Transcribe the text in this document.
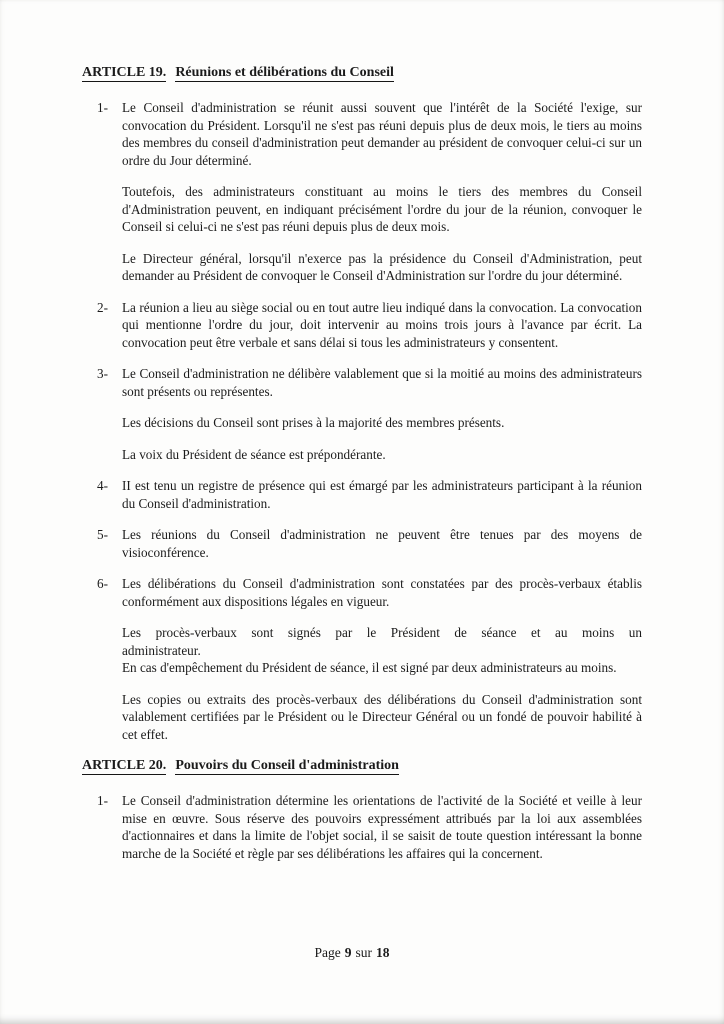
ARTICLE 19. Réunions et délibérations du Conseil
1-	Le Conseil d'administration se réunit aussi souvent que l'intérêt de la Société l'exige, sur convocation du Président. Lorsqu'il ne s'est pas réuni depuis plus de deux mois, le tiers au moins des membres du conseil d'administration peut demander au président de convoquer celui-ci sur un ordre du Jour déterminé.

Toutefois, des administrateurs constituant au moins le tiers des membres du Conseil d'Administration peuvent, en indiquant précisément l'ordre du jour de la réunion, convoquer le Conseil si celui-ci ne s'est pas réuni depuis plus de deux mois.

Le Directeur général, lorsqu'il n'exerce pas la présidence du Conseil d'Administration, peut demander au Président de convoquer le Conseil d'Administration sur l'ordre du jour déterminé.

2-	La réunion a lieu au siège social ou en tout autre lieu indiqué dans la convocation. La convocation qui mentionne l'ordre du jour, doit intervenir au moins trois jours à l'avance par écrit. La convocation peut être verbale et sans délai si tous les administrateurs y consentent.

3-	Le Conseil d'administration ne délibère valablement que si la moitié au moins des administrateurs sont présents ou représentes.

Les décisions du Conseil sont prises à la majorité des membres présents.

La voix du Président de séance est prépondérante.

4-	II est tenu un registre de présence qui est émargé par les administrateurs participant à la réunion du Conseil d'administration.

5-	Les réunions du Conseil d'administration ne peuvent être tenues par des moyens de visioconférence.

6-	Les délibérations du Conseil d'administration sont constatées par des procès-verbaux établis conformément aux dispositions légales en vigueur.

Les procès-verbaux sont signés par le Président de séance et au moins un

administrateur.

En cas d'empêchement du Président de séance, il est signé par deux administrateurs au moins.

Les copies ou extraits des procès-verbaux des délibérations du Conseil d'administration sont valablement certifiées par le Président ou le Directeur Général ou un fondé de pouvoir habilité à cet effet.

ARTICLE 20. Pouvoirs du Conseil d'administration
1-	Le Conseil d'administration détermine les orientations de l'activité de la Société et veille à leur mise en œuvre. Sous réserve des pouvoirs expressément attribués par la loi aux assemblées d'actionnaires et dans la limite de l'objet social, il se saisit de toute question intéressant la bonne marche de la Société et règle par ses délibérations les affaires qui la concernent.

Page 9 sur 18
